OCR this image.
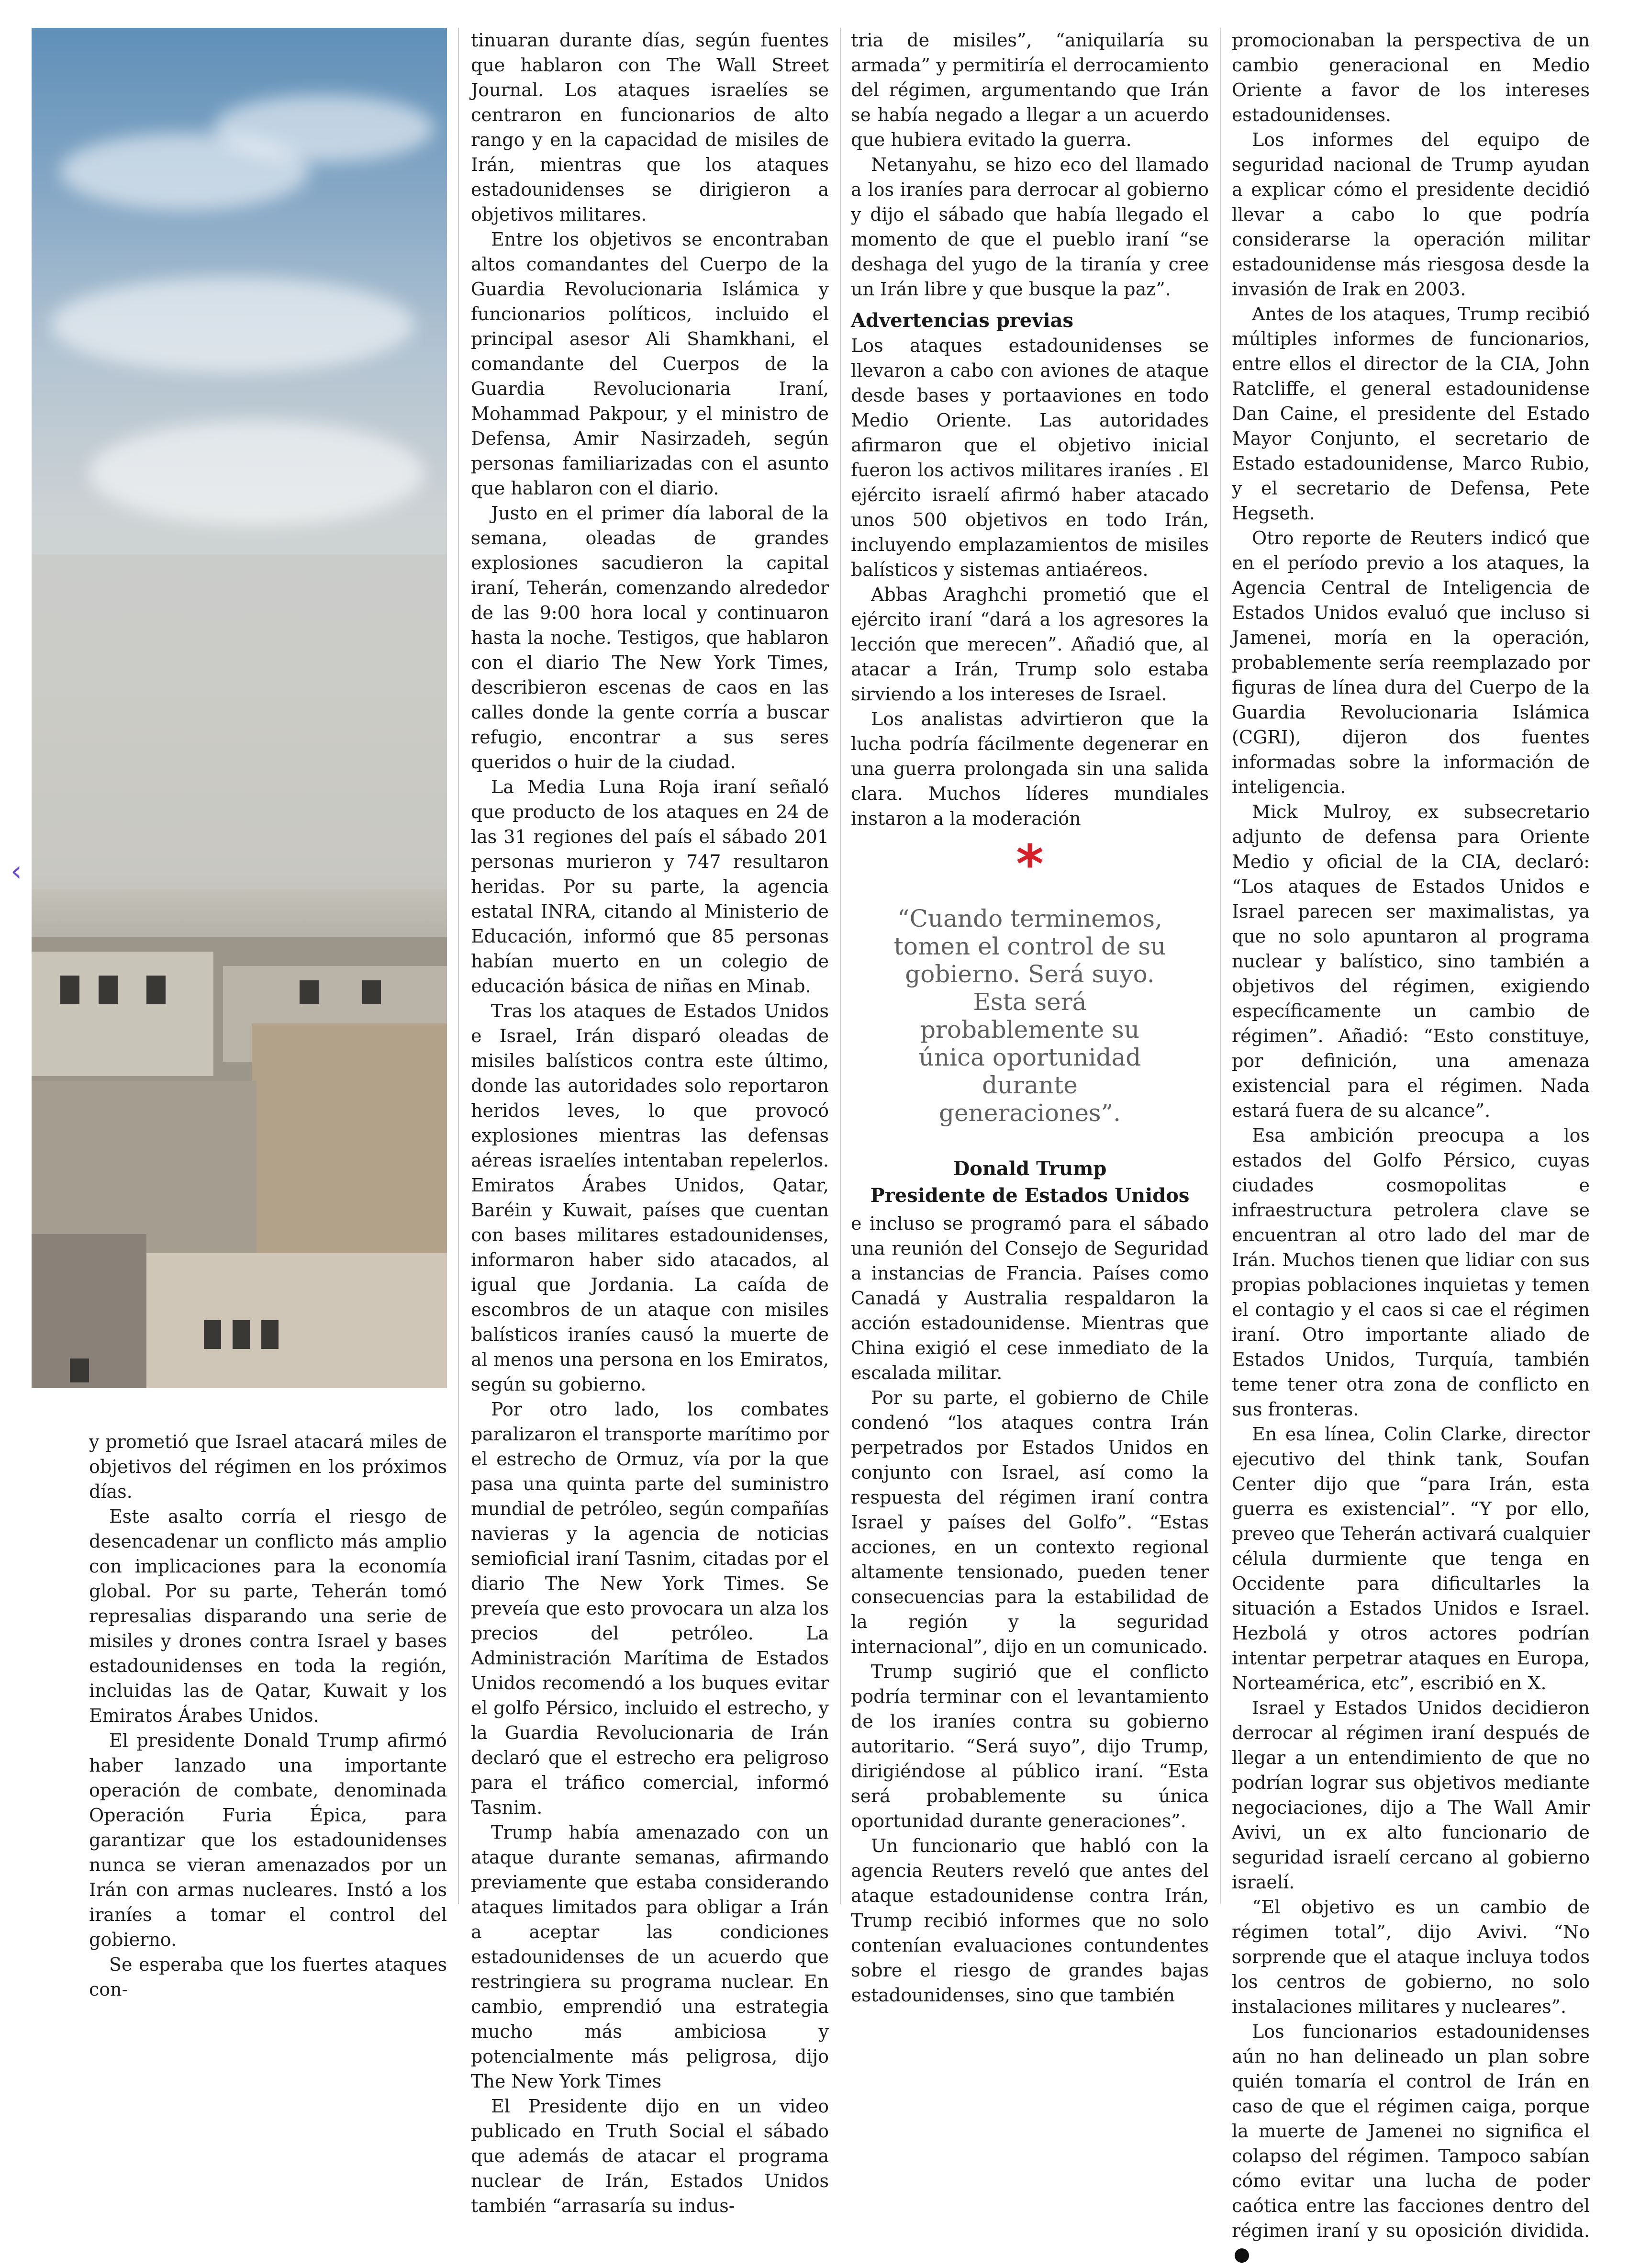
‹

y prometió que Israel atacará miles de objetivos del régimen en los próximos días.

Este asalto corría el riesgo de desencadenar un conflicto más amplio con implicaciones para la economía global. Por su parte, Teherán tomó represalias disparando una serie de misiles y drones contra Israel y bases estadounidenses en toda la región, incluidas las de Qatar, Kuwait y los Emiratos Árabes Unidos.

El presidente Donald Trump afirmó haber lanzado una importante operación de combate, denominada Operación Furia Épica, para garantizar que los estadounidenses nunca se vieran amenazados por un Irán con armas nucleares. Instó a los iraníes a tomar el control del gobierno.

Se esperaba que los fuertes ataques con-

tinuaran durante días, según fuentes que hablaron con The Wall Street Journal. Los ataques israelíes se centraron en funcionarios de alto rango y en la capacidad de misiles de Irán, mientras que los ataques estadounidenses se dirigieron a objetivos militares.

Entre los objetivos se encontraban altos comandantes del Cuerpo de la Guardia Revolucionaria Islámica y funcionarios políticos, incluido el principal asesor Ali Shamkhani, el comandante del Cuerpos de la Guardia Revolucionaria Iraní, Mohammad Pakpour, y el ministro de Defensa, Amir Nasirzadeh, según personas familiarizadas con el asunto que hablaron con el diario.

Justo en el primer día laboral de la semana, oleadas de grandes explosiones sacudieron la capital iraní, Teherán, comenzando alrededor de las 9:00 hora local y continuaron hasta la noche. Testigos, que hablaron con el diario The New York Times, describieron escenas de caos en las calles donde la gente corría a buscar refugio, encontrar a sus seres queridos o huir de la ciudad.

La Media Luna Roja iraní señaló que producto de los ataques en 24 de las 31 regiones del país el sábado 201 personas murieron y 747 resultaron heridas. Por su parte, la agencia estatal INRA, citando al Ministerio de Educación, informó que 85 personas habían muerto en un colegio de educación básica de niñas en Minab.

Tras los ataques de Estados Unidos e Israel, Irán disparó oleadas de misiles balísticos contra este último, donde las autoridades solo reportaron heridos leves, lo que provocó explosiones mientras las defensas aéreas israelíes intentaban repelerlos. Emiratos Árabes Unidos, Qatar, Baréin y Kuwait, países que cuentan con bases militares estadounidenses, informaron haber sido atacados, al igual que Jordania. La caída de escombros de un ataque con misiles balísticos iraníes causó la muerte de al menos una persona en los Emiratos, según su gobierno.

Por otro lado, los combates paralizaron el transporte marítimo por el estrecho de Ormuz, vía por la que pasa una quinta parte del suministro mundial de petróleo, según compañías navieras y la agencia de noticias semioficial iraní Tasnim, citadas por el diario The New York Times. Se preveía que esto provocara un alza los precios del petróleo. La Administración Marítima de Estados Unidos recomendó a los buques evitar el golfo Pérsico, incluido el estrecho, y la Guardia Revolucionaria de Irán declaró que el estrecho era peligroso para el tráfico comercial, informó Tasnim.

Trump había amenazado con un ataque durante semanas, afirmando previamente que estaba considerando ataques limitados para obligar a Irán a aceptar las condiciones estadounidenses de un acuerdo que restringiera su programa nuclear. En cambio, emprendió una estrategia mucho más ambiciosa y potencialmente más peligrosa, dijo The New York Times

El Presidente dijo en un video publicado en Truth Social el sábado que además de atacar el programa nuclear de Irán, Estados Unidos también “arrasaría su indus-

tria de misiles”, “aniquilaría su armada” y permitiría el derrocamiento del régimen, argumentando que Irán se había negado a llegar a un acuerdo que hubiera evitado la guerra.

Netanyahu, se hizo eco del llamado a los iraníes para derrocar al gobierno y dijo el sábado que había llegado el momento de que el pueblo iraní “se deshaga del yugo de la tiranía y cree un Irán libre y que busque la paz”.

Advertencias previas

Los ataques estadounidenses se llevaron a cabo con aviones de ataque desde bases y portaaviones en todo Medio Oriente. Las autoridades afirmaron que el objetivo inicial fueron los activos militares iraníes . El ejército israelí afirmó haber atacado unos 500 objetivos en todo Irán, incluyendo emplazamientos de misiles balísticos y sistemas antiaéreos.

Abbas Araghchi prometió que el ejército iraní “dará a los agresores la lección que merecen”. Añadió que, al atacar a Irán, Trump solo estaba sirviendo a los intereses de Israel.

Los analistas advirtieron que la lucha podría fácilmente degenerar en una guerra prolongada sin una salida clara. Muchos líderes mundiales instaron a la moderación

*
“Cuando terminemos, tomen el control de su gobierno. Será suyo. Esta será probablemente su única oportunidad durante generaciones”.
Donald Trump
Presidente de Estados Unidos

e incluso se programó para el sábado una reunión del Consejo de Seguridad a instancias de Francia. Países como Canadá y Australia respaldaron la acción estadounidense. Mientras que China exigió el cese inmediato de la escalada militar.

Por su parte, el gobierno de Chile condenó “los ataques contra Irán perpetrados por Estados Unidos en conjunto con Israel, así como la respuesta del régimen iraní contra Israel y países del Golfo”. “Estas acciones, en un contexto regional altamente tensionado, pueden tener consecuencias para la estabilidad de la región y la seguridad internacional”, dijo en un comunicado.

Trump sugirió que el conflicto podría terminar con el levantamiento de los iraníes contra su gobierno autoritario. “Será suyo”, dijo Trump, dirigiéndose al público iraní. “Esta será probablemente su única oportunidad durante generaciones”.

Un funcionario que habló con la agencia Reuters reveló que antes del ataque estadounidense contra Irán, Trump recibió informes que no solo contenían evaluaciones contundentes sobre el riesgo de grandes bajas estadounidenses, sino que también

promocionaban la perspectiva de un cambio generacional en Medio Oriente a favor de los intereses estadounidenses.

Los informes del equipo de seguridad nacional de Trump ayudan a explicar cómo el presidente decidió llevar a cabo lo que podría considerarse la operación militar estadounidense más riesgosa desde la invasión de Irak en 2003.

Antes de los ataques, Trump recibió múltiples informes de funcionarios, entre ellos el director de la CIA, John Ratcliffe, el general estadounidense Dan Caine, el presidente del Estado Mayor Conjunto, el secretario de Estado estadounidense, Marco Rubio, y el secretario de Defensa, Pete Hegseth.

Otro reporte de Reuters indicó que en el período previo a los ataques, la Agencia Central de Inteligencia de Estados Unidos evaluó que incluso si Jamenei, moría en la operación, probablemente sería reemplazado por figuras de línea dura del Cuerpo de la Guardia Revolucionaria Islámica (CGRI), dijeron dos fuentes informadas sobre la información de inteligencia.

Mick Mulroy, ex subsecretario adjunto de defensa para Oriente Medio y oficial de la CIA, declaró: “Los ataques de Estados Unidos e Israel parecen ser maximalistas, ya que no solo apuntaron al programa nuclear y balístico, sino también a objetivos del régimen, exigiendo específicamente un cambio de régimen”. Añadió: “Esto constituye, por definición, una amenaza existencial para el régimen. Nada estará fuera de su alcance”.

Esa ambición preocupa a los estados del Golfo Pérsico, cuyas ciudades cosmopolitas e infraestructura petrolera clave se encuentran al otro lado del mar de Irán. Muchos tienen que lidiar con sus propias poblaciones inquietas y temen el contagio y el caos si cae el régimen iraní. Otro importante aliado de Estados Unidos, Turquía, también teme tener otra zona de conflicto en sus fronteras.

En esa línea, Colin Clarke, director ejecutivo del think tank, Soufan Center dijo que “para Irán, esta guerra es existencial”. “Y por ello, preveo que Teherán activará cualquier célula durmiente que tenga en Occidente para dificultarles la situación a Estados Unidos e Israel. Hezbolá y otros actores podrían intentar perpetrar ataques en Europa, Norteamérica, etc”, escribió en X.

Israel y Estados Unidos decidieron derrocar al régimen iraní después de llegar a un entendimiento de que no podrían lograr sus objetivos mediante negociaciones, dijo a The Wall Amir Avivi, un ex alto funcionario de seguridad israelí cercano al gobierno israelí.

“El objetivo es un cambio de régimen total”, dijo Avivi. “No sorprende que el ataque incluya todos los centros de gobierno, no solo instalaciones militares y nucleares”.

Los funcionarios estadounidenses aún no han delineado un plan sobre quién tomaría el control de Irán en caso de que el régimen caiga, porque la muerte de Jamenei no significa el colapso del régimen. Tampoco sabían cómo evitar una lucha de poder caótica entre las facciones dentro del régimen iraní y su oposición dividida.
